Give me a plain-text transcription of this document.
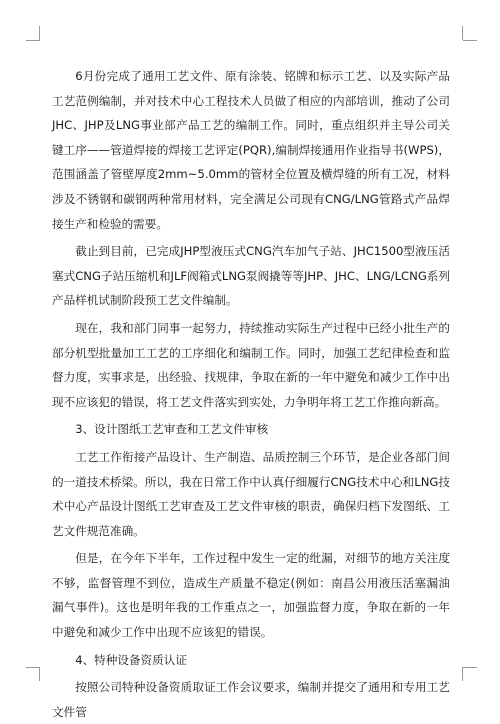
6月份完成了通用工艺文件、原有涂装、铭牌和标示工艺、以及实际产品工艺范例编制，并对技术中心工程技术人员做了相应的内部培训，推动了公司JHC、JHP及LNG事业部产品工艺的编制工作。同时，重点组织并主导公司关键工序——管道焊接的焊接工艺评定(PQR),编制焊接通用作业指导书(WPS)，范围涵盖了管壁厚度2mm~5.0mm的管材全位置及横焊缝的所有工况，材料涉及不锈钢和碳钢两种常用材料，完全满足公司现有CNG/LNG管路式产品焊接生产和检验的需要。

截止到目前，已完成JHP型液压式CNG汽车加气子站、JHC1500型液压活塞式CNG子站压缩机和JLF阀箱式LNG泵阀撬等等JHP、JHC、LNG/LCNG系列产品样机试制阶段预工艺文件编制。

现在，我和部门同事一起努力，持续推动实际生产过程中已经小批生产的部分机型批量加工工艺的工序细化和编制工作。同时，加强工艺纪律检查和监督力度，实事求是，出经验、找规律，争取在新的一年中避免和减少工作中出现不应该犯的错误，将工艺文件落实到实处，力争明年将工艺工作推向新高。

3、设计图纸工艺审查和工艺文件审核

工艺工作衔接产品设计、生产制造、品质控制三个环节，是企业各部门间的一道技术桥梁。所以，我在日常工作中认真仔细履行CNG技术中心和LNG技术中心产品设计图纸工艺审查及工艺文件审核的职责，确保归档下发图纸、工艺文件规范准确。

但是，在今年下半年，工作过程中发生一定的纰漏，对细节的地方关注度不够，监督管理不到位，造成生产质量不稳定(例如：南昌公用液压活塞漏油漏气事件)。这也是明年我的工作重点之一，加强监督力度，争取在新的一年中避免和减少工作中出现不应该犯的错误。

4、特种设备资质认证

按照公司特种设备资质取证工作会议要求，编制并提交了通用和专用工艺文件管
